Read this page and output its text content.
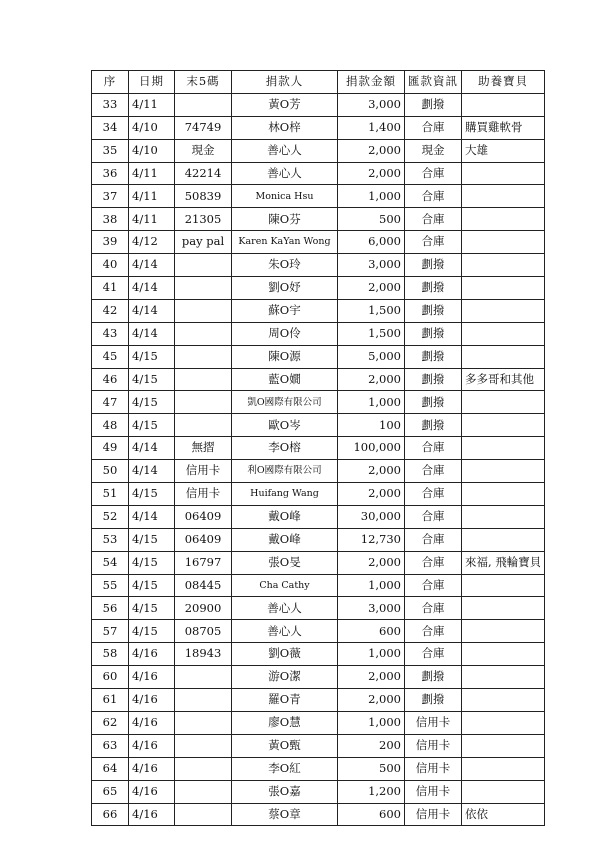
序	日期	末5碼	捐款人	捐款金額	匯款資訊	助養寶貝
33	4/11		黃O芳	3,000	劃撥	
34	4/10	74749	林O梓	1,400	合庫	購買雞軟骨
35	4/10	現金	善心人	2,000	現金	大雄
36	4/11	42214	善心人	2,000	合庫	
37	4/11	50839	Monica Hsu	1,000	合庫	
38	4/11	21305	陳O芬	500	合庫	
39	4/12	pay pal	Karen KaYan Wong	6,000	合庫	
40	4/14		朱O玲	3,000	劃撥	
41	4/14		劉O妤	2,000	劃撥	
42	4/14		蘇O宇	1,500	劃撥	
43	4/14		周O伶	1,500	劃撥	
45	4/15		陳O源	5,000	劃撥	
46	4/15		藍O嫺	2,000	劃撥	多多哥和其他
47	4/15		凱O國際有限公司	1,000	劃撥	
48	4/15		歐O岑	100	劃撥	
49	4/14	無摺	李O榕	100,000	合庫	
50	4/14	信用卡	利O國際有限公司	2,000	合庫	
51	4/15	信用卡	Huifang Wang	2,000	合庫	
52	4/14	06409	戴O峰	30,000	合庫	
53	4/15	06409	戴O峰	12,730	合庫	
54	4/15	16797	張O旻	2,000	合庫	來福, 飛輪寶貝
55	4/15	08445	Cha Cathy	1,000	合庫	
56	4/15	20900	善心人	3,000	合庫	
57	4/15	08705	善心人	600	合庫	
58	4/16	18943	劉O薇	1,000	合庫	
60	4/16		游O潔	2,000	劃撥	
61	4/16		羅O青	2,000	劃撥	
62	4/16		廖O慧	1,000	信用卡	
63	4/16		黃O甄	200	信用卡	
64	4/16		李O紅	500	信用卡	
65	4/16		張O嘉	1,200	信用卡	
66	4/16		蔡O章	600	信用卡	依依
